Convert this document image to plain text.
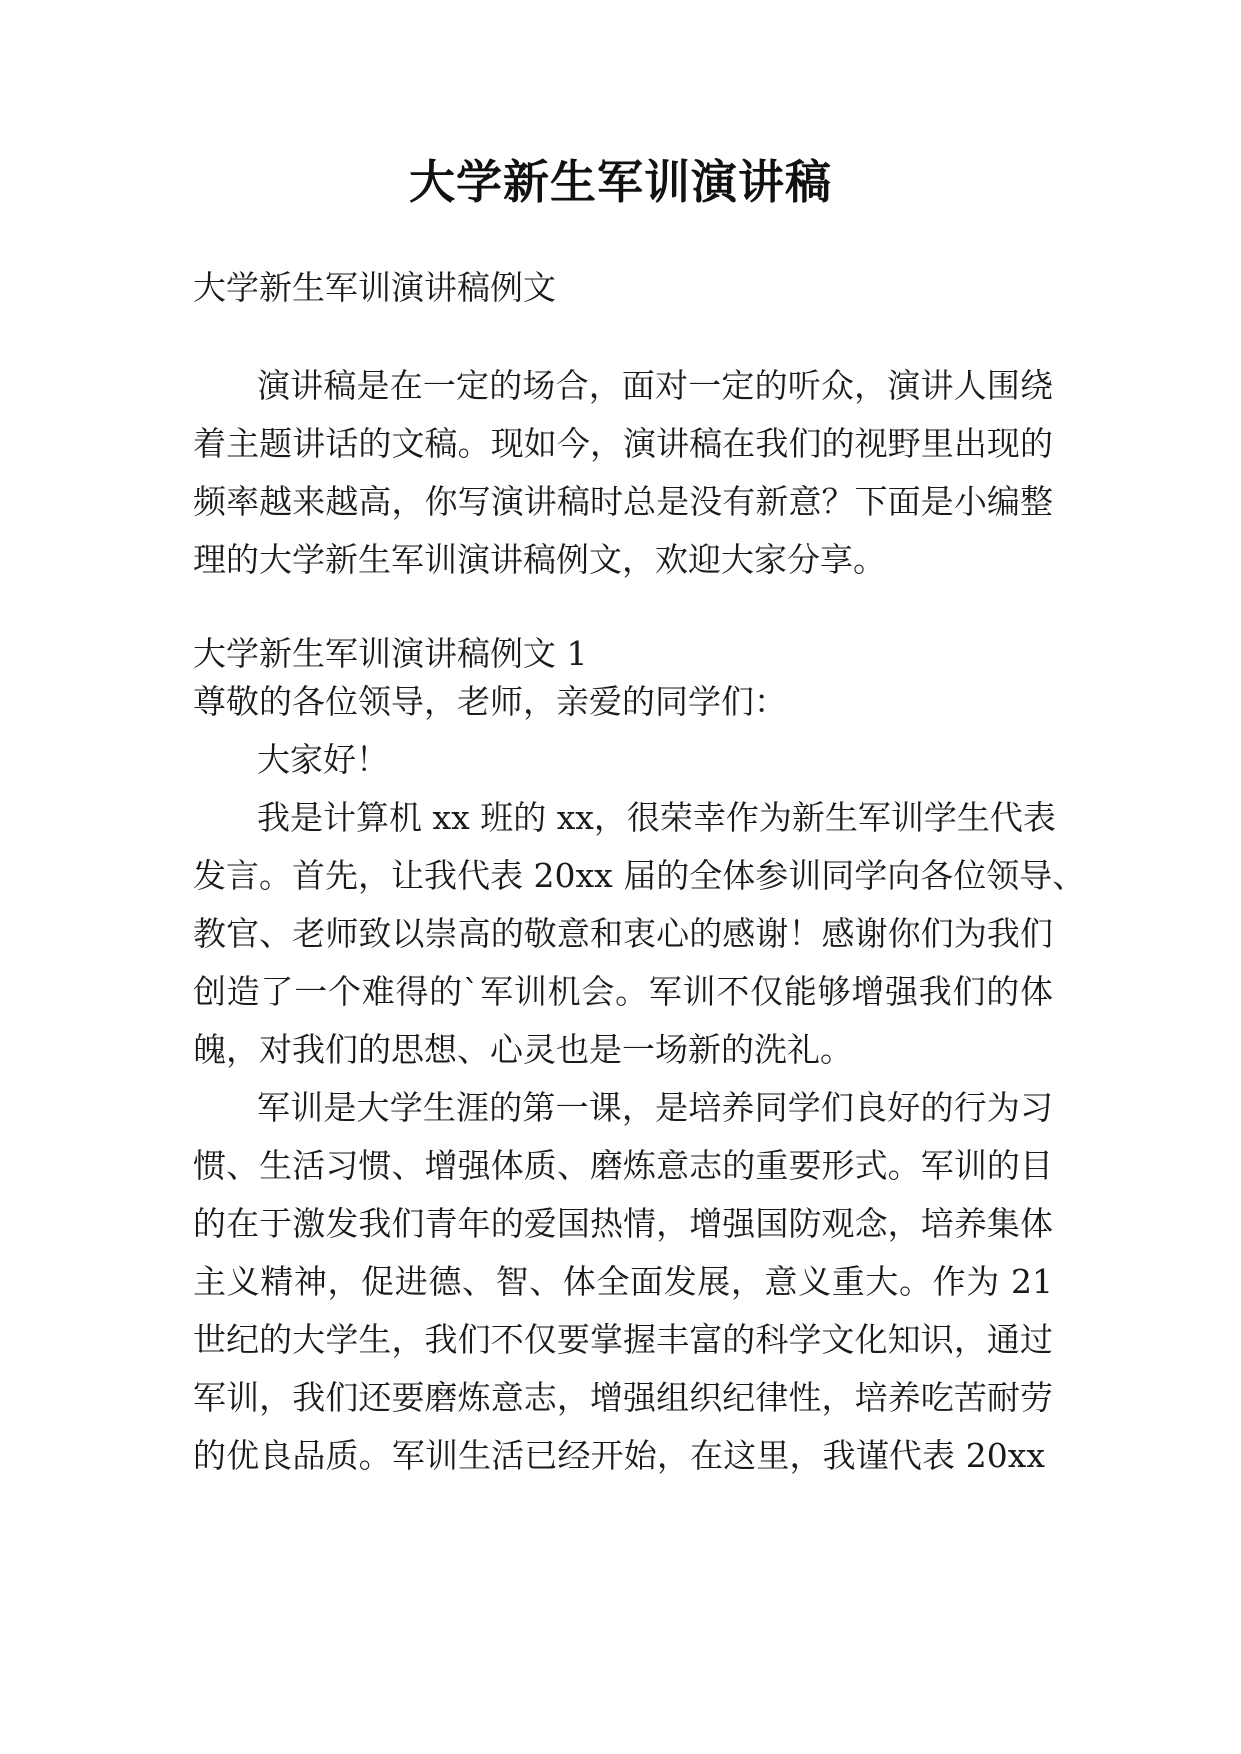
大学新生军训演讲稿
大学新生军训演讲稿例文
演讲稿是在一定的场合，面对一定的听众，演讲人围绕
着主题讲话的文稿。现如今，演讲稿在我们的视野里出现的
频率越来越高，你写演讲稿时总是没有新意？下面是小编整
理的大学新生军训演讲稿例文，欢迎大家分享。
大学新生军训演讲稿例文 1
尊敬的各位领导，老师，亲爱的同学们：
大家好！
我是计算机 xx 班的 xx，很荣幸作为新生军训学生代表
发言。首先，让我代表 20xx 届的全体参训同学向各位领导、
教官、老师致以崇高的敬意和衷心的感谢！感谢你们为我们
创造了一个难得的`军训机会。军训不仅能够增强我们的体
魄，对我们的思想、心灵也是一场新的洗礼。
军训是大学生涯的第一课，是培养同学们良好的行为习
惯、生活习惯、增强体质、磨炼意志的重要形式。军训的目
的在于激发我们青年的爱国热情，增强国防观念，培养集体
主义精神，促进德、智、体全面发展，意义重大。作为 21
世纪的大学生，我们不仅要掌握丰富的科学文化知识，通过
军训，我们还要磨炼意志，增强组织纪律性，培养吃苦耐劳
的优良品质。军训生活已经开始，在这里，我谨代表 20xx
